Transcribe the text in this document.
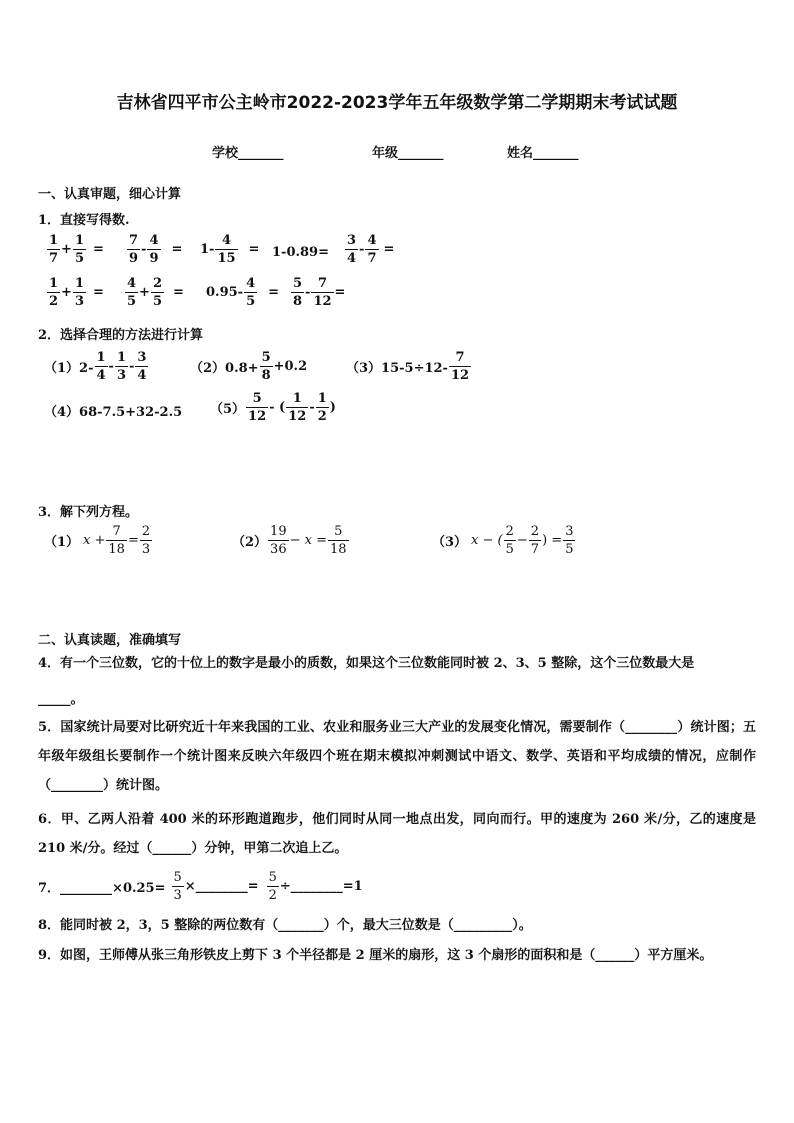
吉林省四平市公主岭市2022-2023学年五年级数学第二学期期末考试试题
学校_______	年级_______	姓名_______
一、认真审题，细心计算
1．直接写得数.
$\frac{1}{7} + \frac{1}{5} = \frac{7}{9} - \frac{4}{9} = 1- \frac{4}{15} = 1-0.89= \frac{3}{4} - \frac{4}{7}$ =
$\frac{1}{2} + \frac{1}{3} = \frac{4}{5} + \frac{2}{5} = 0.95- \frac{4}{5} = \frac{5}{8} - \frac{7}{12}$ =
2．选择合理的方法进行计算
$(1)2- \frac{1}{4} - \frac{1}{3} - \frac{3}{4}$	$(2)0.8+ \frac{5}{8} +0.2$	$(3)15-5\div 12- \frac{7}{12}$
（4）68-7.5+32-2.5 $(5) \frac{5}{12}$ - ( $\frac{1}{12} - \frac{1}{2}$ )
3．解下列方程。
（1） $x + \frac{7}{18} = \frac{2}{3}$	$(2) \frac{19}{36} - x = \frac{5}{18}$	（3） x − ( $\frac{2}{5} - \frac{2}{7}$ ) = $\frac{3}{5}$
二、认真读题，准确填写
4．有一个三位数，它的十位上的数字是最小的质数，如果这个三位数能同时被 2、3、5 整除，这个三位数最大是
_____。
5．国家统计局要对比研究近十年来我国的工业、农业和服务业三大产业的发展变化情况，需要制作（________）统计图；五年级年级组长要制作一个统计图来反映六年级四个班在期末模拟冲刺测试中语文、数学、英语和平均成绩的情况，应制作（________）统计图。
6．甲、乙两人沿着 400 米的环形跑道跑步，他们同时从同一地点出发，同向而行。甲的速度为 260 米/分，乙的速度是 210 米/分。经过（______）分钟，甲第二次追上乙。
7．________×0.25= $\frac{5}{3}$ ×________= $\frac{5}{2}$ ÷________=1
8．能同时被 2，3，5 整除的两位数有（_______）个，最大三位数是（_________）。
9．如图，王师傅从张三角形铁皮上剪下 3 个半径都是 2 厘米的扇形，这 3 个扇形的面积和是（______）平方厘米。
